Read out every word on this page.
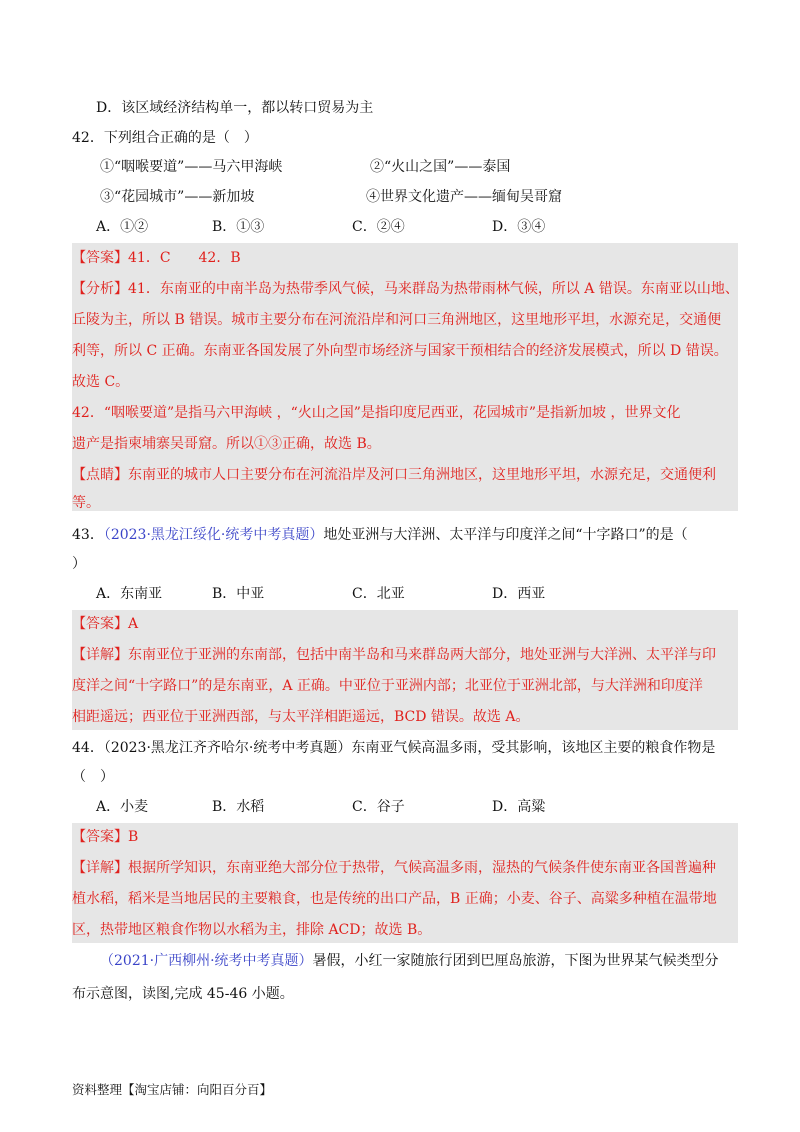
D．该区域经济结构单一，都以转口贸易为主
42．下列组合正确的是（　）
①“咽喉要道”——马六甲海峡	②“火山之国”——泰国
③“花园城市”——新加坡	④世界文化遗产——缅甸吴哥窟
A．①②	B．①③	C．②④	D．③④
【答案】41．C　　42．B
【分析】41．东南亚的中南半岛为热带季风气候，马来群岛为热带雨林气候，所以 A 错误。东南亚以山地、
丘陵为主，所以 B 错误。城市主要分布在河流沿岸和河口三角洲地区，这里地形平坦，水源充足，交通便
利等，所以 C 正确。东南亚各国发展了外向型市场经济与国家干预相结合的经济发展模式，所以 D 错误。
故选 C。
42．“咽喉要道”是指马六甲海峡 ，“火山之国”是指印度尼西亚，花园城市”是指新加坡 ，世界文化
遗产是指柬埔寨吴哥窟。所以①③正确，故选 B。
【点睛】东南亚的城市人口主要分布在河流沿岸及河口三角洲地区，这里地形平坦，水源充足，交通便利
等。
43．（2023·黑龙江绥化·统考中考真题）地处亚洲与大洋洲、太平洋与印度洋之间“十字路口”的是（
）
A．东南亚	B．中亚	C．北亚	D．西亚
【答案】A
【详解】东南亚位于亚洲的东南部，包括中南半岛和马来群岛两大部分，地处亚洲与大洋洲、太平洋与印
度洋之间“十字路口”的是东南亚，A 正确。中亚位于亚洲内部；北亚位于亚洲北部，与大洋洲和印度洋
相距遥远；西亚位于亚洲西部，与太平洋相距遥远，BCD 错误。故选 A。
44．（2023·黑龙江齐齐哈尔·统考中考真题）东南亚气候高温多雨，受其影响，该地区主要的粮食作物是
（　）
A．小麦	B．水稻	C．谷子	D．高粱
【答案】B
【详解】根据所学知识，东南亚绝大部分位于热带，气候高温多雨，湿热的气候条件使东南亚各国普遍种
植水稻，稻米是当地居民的主要粮食，也是传统的出口产品，B 正确；小麦、谷子、高粱多种植在温带地
区，热带地区粮食作物以水稻为主，排除 ACD；故选 B。
（2021·广西柳州·统考中考真题）暑假，小红一家随旅行团到巴厘岛旅游，下图为世界某气候类型分
布示意图，读图,完成 45-46 小题。
资料整理【淘宝店铺：向阳百分百】
